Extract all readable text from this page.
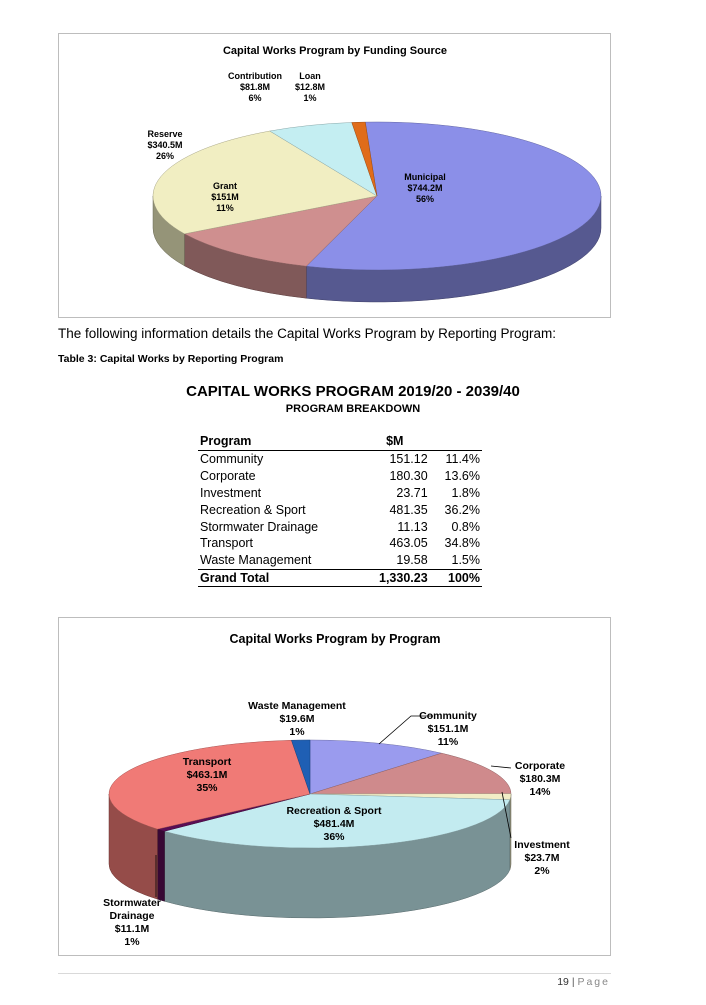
Capital Works Program by Funding Source
Municipal
$744.2M
56%
Grant
$151M
11%
Reserve
$340.5M
26%
Contribution
$81.8M
6%
Loan
$12.8M
1%
The following information details the Capital Works Program by Reporting Program:
Table 3: Capital Works by Reporting Program
CAPITAL WORKS PROGRAM 2019/20 - 2039/40
PROGRAM BREAKDOWN
Program	$M	
Community	151.12	11.4%
Corporate	180.30	13.6%
Investment	23.71	1.8%
Recreation & Sport	481.35	36.2%
Stormwater Drainage	11.13	0.8%
Transport	463.05	34.8%
Waste Management	19.58	1.5%
Grand Total	1,330.23	100%
Capital Works Program by Program
Waste Management
$19.6M
1%
Community
$151.1M
11%
Corporate
$180.3M
14%
Investment
$23.7M
2%
Transport
$463.1M
35%
Recreation & Sport
$481.4M
36%
Stormwater
Drainage
$11.1M
1%
19 | Page
